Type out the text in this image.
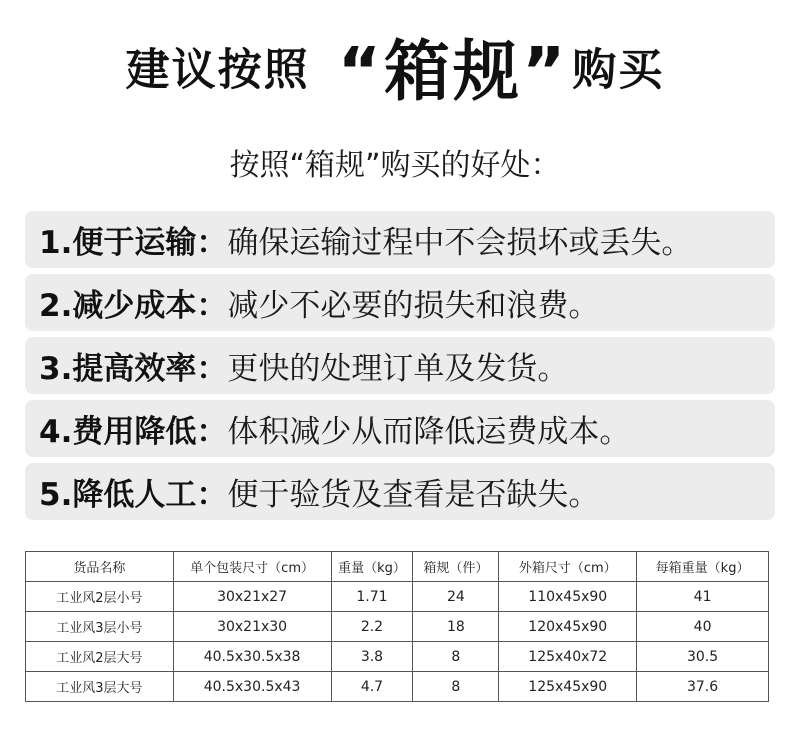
建议按照 “箱规”购买
按照“箱规”购买的好处：
1.便于运输： 确保运输过程中不会损坏或丢失。
2.减少成本： 减少不必要的损失和浪费。
3.提高效率： 更快的处理订单及发货。
4.费用降低： 体积减少从而降低运费成本。
5.降低人工： 便于验货及查看是否缺失。
货品名称	单个包装尺寸（cm）	重量（kg）	箱规（件）	外箱尺寸（cm）	每箱重量（kg）
工业风2层小号	30x21x27	1.71	24	110x45x90	41
工业风3层小号	30x21x30	2.2	18	120x45x90	40
工业风2层大号	40.5x30.5x38	3.8	8	125x40x72	30.5
工业风3层大号	40.5x30.5x43	4.7	8	125x45x90	37.6
